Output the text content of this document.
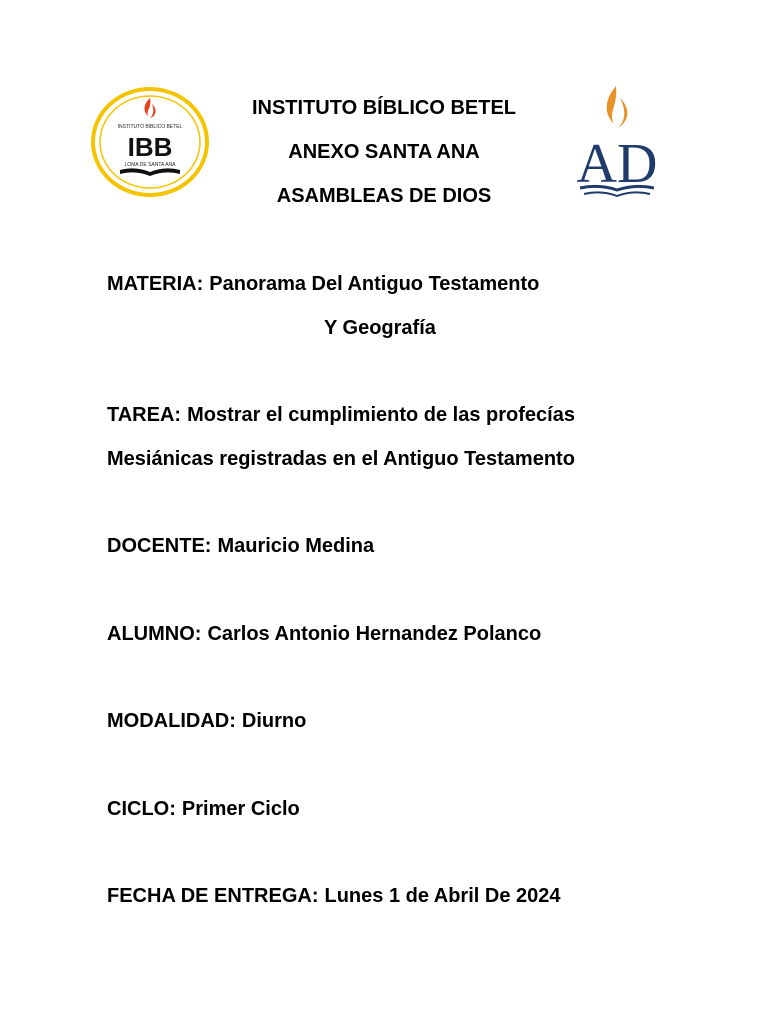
INSTITUTO BIBLICO BETEL
IBB
LOMA DE SANTA ANA
INSTITUTO BÍBLICO BETEL
ANEXO SANTA ANA
ASAMBLEAS DE DIOS
AD
MATERIA: Panorama Del Antiguo Testamento
Y Geografía
TAREA: Mostrar el cumplimiento de las profecías
Mesiánicas registradas en el Antiguo Testamento
DOCENTE: Mauricio Medina
ALUMNO: Carlos Antonio Hernandez Polanco
MODALIDAD: Diurno
CICLO: Primer Ciclo
FECHA DE ENTREGA: Lunes 1 de Abril De 2024
